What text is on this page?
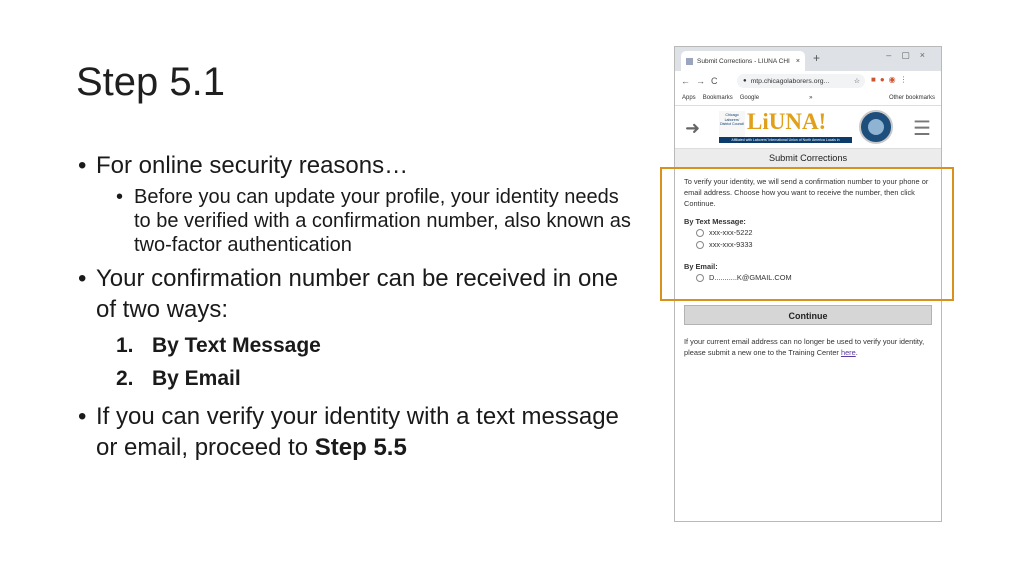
Step 5.1
• For online security reasons…
• Before you can update your profile, your identity needs to be verified with a confirmation number, also known as two-factor authentication
• Your confirmation number can be received in one of two ways:
1. By Text Message
2. By Email
• If you can verify your identity with a text message or email, proceed to Step 5.5
Submit Corrections - LIUNA CHI × +	–▢×
←→C	● mtp.chicagolaborers.org...	☆ ■●◉⋮
Apps Bookmarks Google	»	Other bookmarks
➜
Chicago Laborers' District Council LiUNA!
Affiliated with Laborers' International Union of North America Locals in	☰
Submit Corrections
To verify your identity, we will send a confirmation number to your phone or email address. Choose how you want to receive the number, then click Continue.
By Text Message:
xxx-xxx-5222
xxx-xxx-9333
By Email:
D...........K@GMAIL.COM
Continue
If your current email address can no longer be used to verify your identity, please submit a new one to the Training Center here.
